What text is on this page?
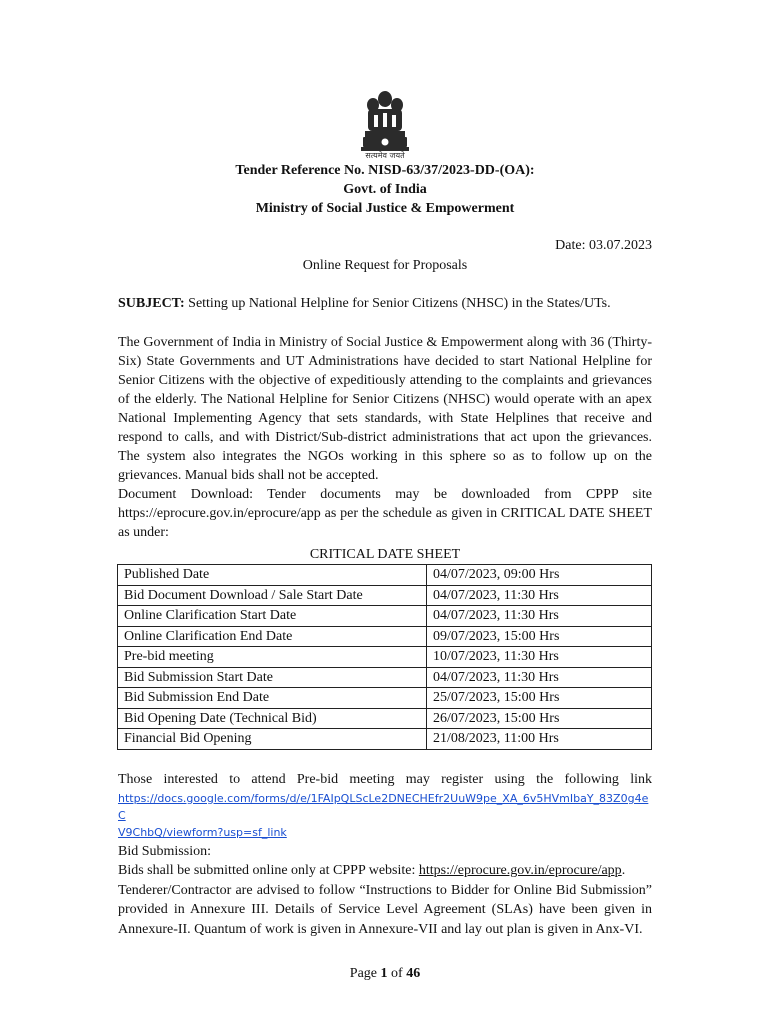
सत्यमेव जयते
Tender Reference No. NISD-63/37/2023-DD-(OA):
Govt. of India
Ministry of Social Justice & Empowerment
Date: 03.07.2023
Online Request for Proposals
SUBJECT: Setting up National Helpline for Senior Citizens (NHSC) in the States/UTs.

The Government of India in Ministry of Social Justice & Empowerment along with 36 (Thirty-Six) State Governments and UT Administrations have decided to start National Helpline for Senior Citizens with the objective of expeditiously attending to the complaints and grievances of the elderly. The National Helpline for Senior Citizens (NHSC) would operate with an apex National Implementing Agency that sets standards, with State Helplines that receive and respond to calls, and with District/Sub-district administrations that act upon the grievances. The system also integrates the NGOs working in this sphere so as to follow up on the grievances. Manual bids shall not be accepted.

Document Download: Tender documents may be downloaded from CPPP site https://eprocure.gov.in/eprocure/app as per the schedule as given in CRITICAL DATE SHEET as under:

CRITICAL DATE SHEET
Published Date	04/07/2023, 09:00 Hrs
Bid Document Download / Sale Start Date	04/07/2023, 11:30 Hrs
Online Clarification Start Date	04/07/2023, 11:30 Hrs
Online Clarification End Date	09/07/2023, 15:00 Hrs
Pre-bid meeting	10/07/2023, 11:30 Hrs
Bid Submission Start Date	04/07/2023, 11:30 Hrs
Bid Submission End Date	25/07/2023, 15:00 Hrs
Bid Opening Date (Technical Bid)	26/07/2023, 15:00 Hrs
Financial Bid Opening	21/08/2023, 11:00 Hrs
Those interested to attend Pre-bid meeting may register using the following link
https://docs.google.com/forms/d/e/1FAIpQLScLe2DNECHEfr2UuW9pe_XA_6v5HVmIbaY_83Z0g4eC
V9ChbQ/viewform?usp=sf_link
Bid Submission:

Bids shall be submitted online only at CPPP website: https://eprocure.gov.in/eprocure/app.

Tenderer/Contractor are advised to follow “Instructions to Bidder for Online Bid Submission” provided in Annexure III. Details of Service Level Agreement (SLAs) have been given in Annexure-II. Quantum of work is given in Annexure-VII and lay out plan is given in Anx-VI.

Page 1 of 46
